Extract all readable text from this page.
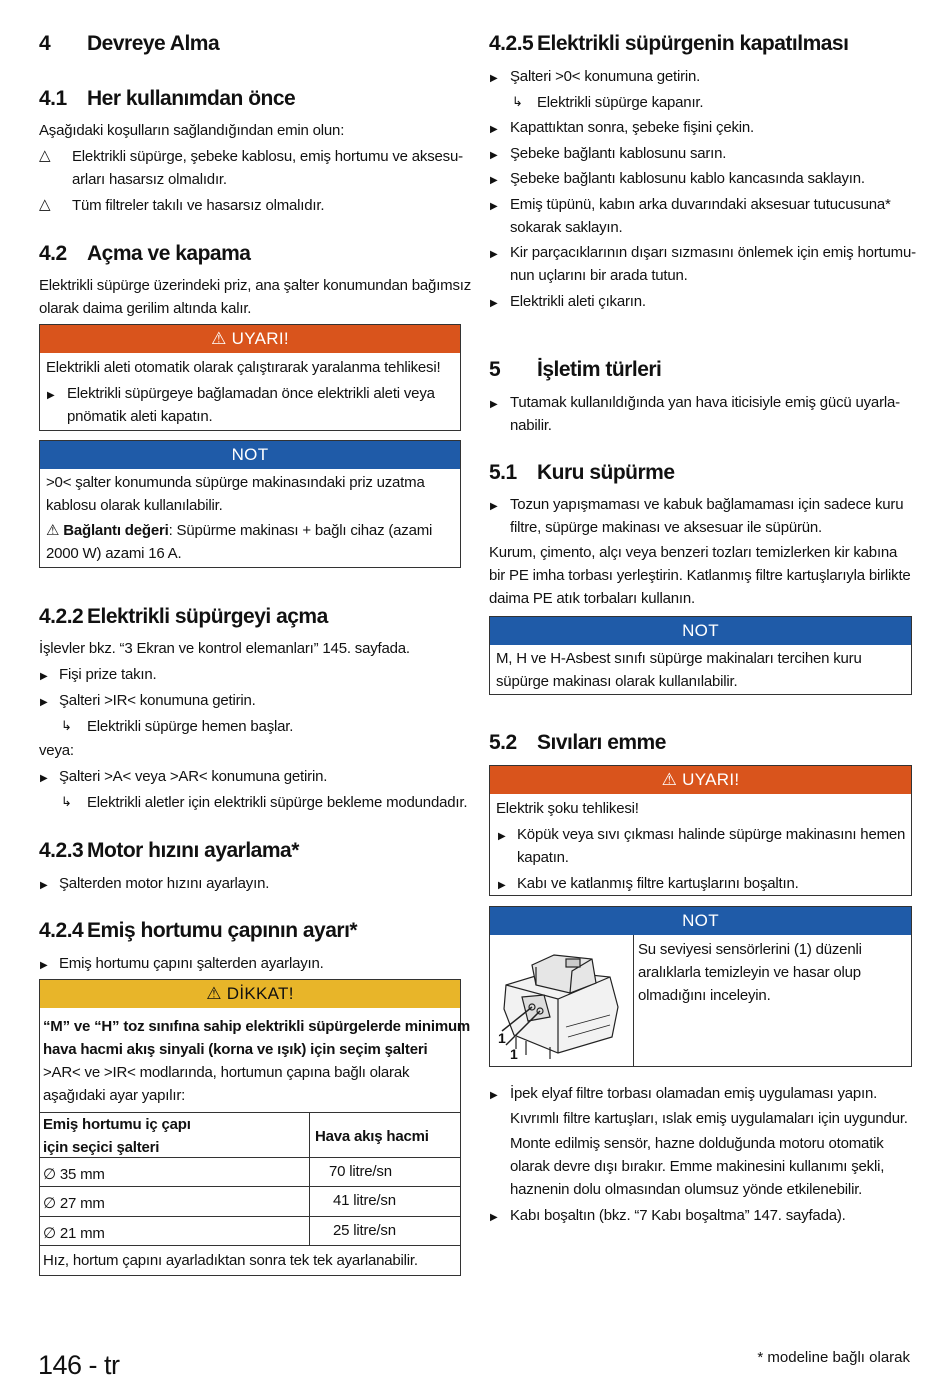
4 Devreye Alma
4.1 Her kullanımdan önce
Aşağıdaki koşulların sağlandığından emin olun:
△ Elektrikli süpürge, şebeke kablosu, emiş hortumu ve aksesu-
arları hasarsız olmalıdır.
△ Tüm filtreler takılı ve hasarsız olmalıdır.
4.2 Açma ve kapama
Elektrikli süpürge üzerindeki priz, ana şalter konumundan bağımsız
olarak daima gerilim altında kalır.
⚠ UYARI!
Elektrikli aleti otomatik olarak çalıştırarak yaralanma tehlikesi!
▶ Elektrikli süpürgeye bağlamadan önce elektrikli aleti veya
pnömatik aleti kapatın.
NOT
>0< şalter konumunda süpürge makinasındaki priz uzatma
kablosu olarak kullanılabilir.
⚠ Bağlantı değeri: Süpürme makinası + bağlı cihaz (azami
2000 W) azami 16 A.
4.2.2 Elektrikli süpürgeyi açma
İşlevler bkz. “3 Ekran ve kontrol elemanları” 145. sayfada.
▶ Fişi prize takın.
▶ Şalteri >IR< konumuna getirin.
↳ Elektrikli süpürge hemen başlar.
veya:
▶ Şalteri >A< veya >AR< konumuna getirin.
↳ Elektrikli aletler için elektrikli süpürge bekleme modundadır.
4.2.3 Motor hızını ayarlama*
▶ Şalterden motor hızını ayarlayın.
4.2.4 Emiş hortumu çapının ayarı*
▶ Emiş hortumu çapını şalterden ayarlayın.
⚠ DİKKAT!
“M” ve “H” toz sınıfına sahip elektrikli süpürgelerde minimum
hava hacmi akış sinyali (korna ve ışık) için seçim şalteri
>AR< ve >IR< modlarında, hortumun çapına bağlı olarak
aşağıdaki ayar yapılır:
Emiş hortumu iç çapı
için seçici şalteri
Hava akış hacmi
∅ 35 mm	70 litre/sn
∅ 27 mm	41 litre/sn
∅ 21 mm	25 litre/sn
Hız, hortum çapını ayarladıktan sonra tek tek ayarlanabilir.
4.2.5 Elektrikli süpürgenin kapatılması
▶ Şalteri >0< konumuna getirin.
↳ Elektrikli süpürge kapanır.
▶ Kapattıktan sonra, şebeke fişini çekin.
▶ Şebeke bağlantı kablosunu sarın.
▶ Şebeke bağlantı kablosunu kablo kancasında saklayın.
▶ Emiş tüpünü, kabın arka duvarındaki aksesuar tutucusuna*
sokarak saklayın.
▶ Kir parçacıklarının dışarı sızmasını önlemek için emiş hortumu-
nun uçlarını bir arada tutun.
▶ Elektrikli aleti çıkarın.
5 İşletim türleri
▶ Tutamak kullanıldığında yan hava iticisiyle emiş gücü uyarla-
nabilir.
5.1 Kuru süpürme
▶ Tozun yapışmaması ve kabuk bağlamaması için sadece kuru
filtre, süpürge makinası ve aksesuar ile süpürün.
Kurum, çimento, alçı veya benzeri tozları temizlerken kir kabına
bir PE imha torbası yerleştirin. Katlanmış filtre kartuşlarıyla birlikte
daima PE atık torbaları kullanın.
NOT
M, H ve H-Asbest sınıfı süpürge makinaları tercihen kuru
süpürge makinası olarak kullanılabilir.
5.2 Sıvıları emme
⚠ UYARI!
Elektrik şoku tehlikesi!
▶ Köpük veya sıvı çıkması halinde süpürge makinasını hemen
kapatın.
▶ Kabı ve katlanmış filtre kartuşlarını boşaltın.
NOT
1
1
Su seviyesi sensörlerini (1) düzenli
aralıklarla temizleyin ve hasar olup
olmadığını inceleyin.
▶ İpek elyaf filtre torbası olamadan emiş uygulaması yapın.
Kıvrımlı filtre kartuşları, ıslak emiş uygulamaları için uygundur.
Monte edilmiş sensör, hazne dolduğunda motoru otomatik
olarak devre dışı bırakır. Emme makinesini kullanımı şekli,
haznenin dolu olmasından olumsuz yönde etkilenebilir.
▶ Kabı boşaltın (bkz. “7 Kabı boşaltma” 147. sayfada).
146 - tr	* modeline bağlı olarak
